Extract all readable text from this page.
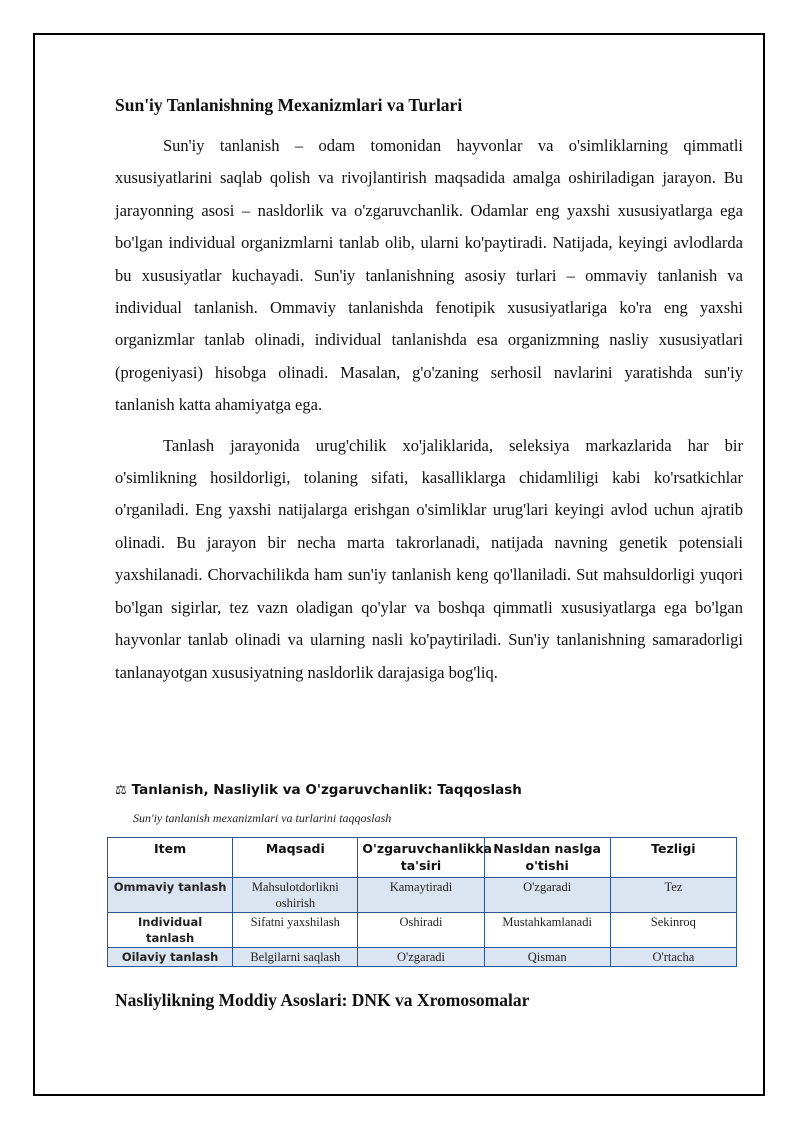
Sun'iy Tanlanishning Mexanizmlari va Turlari

Sun'iy tanlanish – odam tomonidan hayvonlar va o'simliklarning qimmatli xususiyatlarini saqlab qolish va rivojlantirish maqsadida amalga oshiriladigan jarayon. Bu jarayonning asosi – nasldorlik va o'zgaruvchanlik. Odamlar eng yaxshi xususiyatlarga ega bo'lgan individual organizmlarni tanlab olib, ularni ko'paytiradi. Natijada, keyingi avlodlarda bu xususiyatlar kuchayadi. Sun'iy tanlanishning asosiy turlari – ommaviy tanlanish va individual tanlanish. Ommaviy tanlanishda fenotipik xususiyatlariga ko'ra eng yaxshi organizmlar tanlab olinadi, individual tanlanishda esa organizmning nasliy xususiyatlari (progeniyasi) hisobga olinadi. Masalan, g'o'zaning serhosil navlarini yaratishda sun'iy tanlanish katta ahamiyatga ega.

Tanlash jarayonida urug'chilik xo'jaliklarida, seleksiya markazlarida har bir o'simlikning hosildorligi, tolaning sifati, kasalliklarga chidamliligi kabi ko'rsatkichlar o'rganiladi. Eng yaxshi natijalarga erishgan o'simliklar urug'lari keyingi avlod uchun ajratib olinadi. Bu jarayon bir necha marta takrorlanadi, natijada navning genetik potensiali yaxshilanadi. Chorvachilikda ham sun'iy tanlanish keng qo'llaniladi. Sut mahsuldorligi yuqori bo'lgan sigirlar, tez vazn oladigan qo'ylar va boshqa qimmatli xususiyatlarga ega bo'lgan hayvonlar tanlab olinadi va ularning nasli ko'paytiriladi. Sun'iy tanlanishning samaradorligi tanlanayotgan xususiyatning nasldorlik darajasiga bog'liq.

⚖ Tanlanish, Nasliylik va O'zgaruvchanlik: Taqqoslash
Sun'iy tanlanish mexanizmlari va turlarini taqqoslash
Item	Maqsadi	O'zgaruvchanlikka ta'siri	Nasldan naslga o'tishi	Tezligi
Ommaviy tanlash	Mahsulotdorlikni oshirish	Kamaytiradi	O'zgaradi	Tez
Individual tanlash	Sifatni yaxshilash	Oshiradi	Mustahkamlanadi	Sekinroq
Oilaviy tanlash	Belgilarni saqlash	O'zgaradi	Qisman	O'rtacha
Nasliylikning Moddiy Asoslari: DNK va Xromosomalar
